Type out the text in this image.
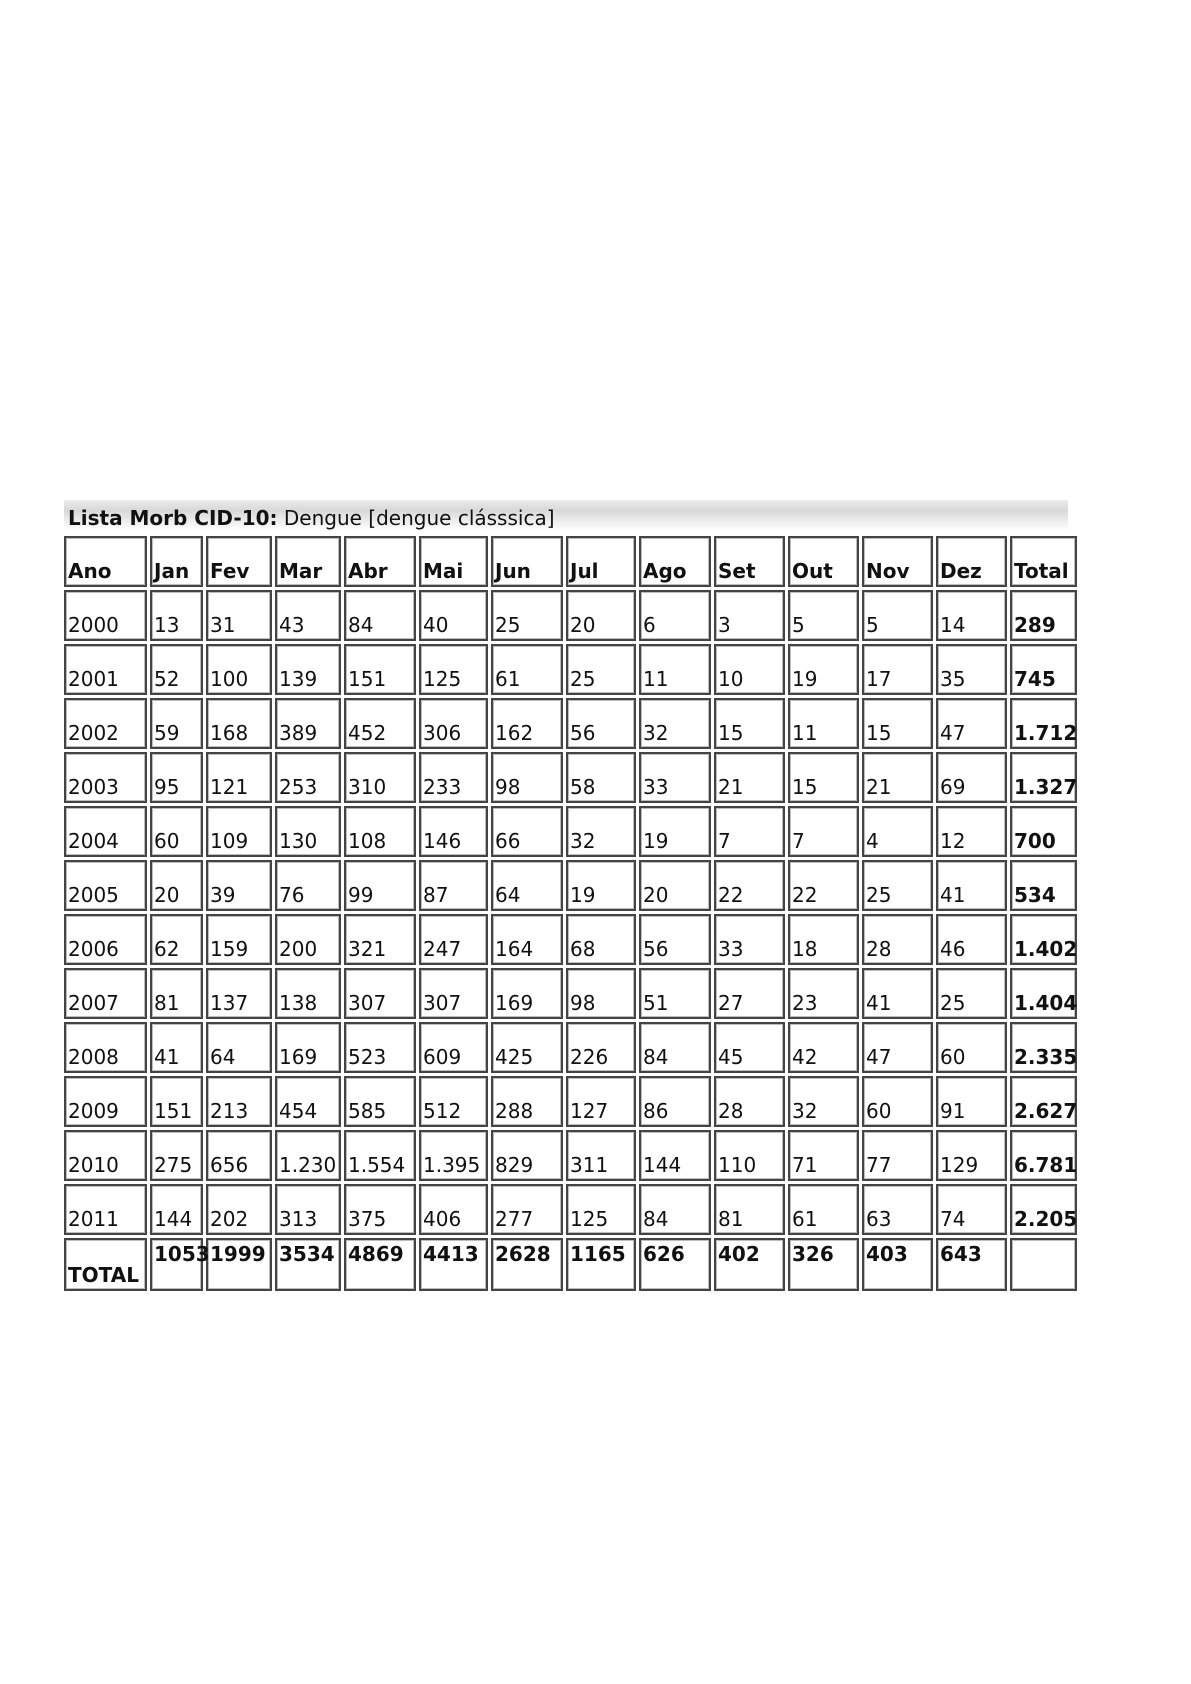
Lista Morb CID-10: Dengue [dengue clásssica]
Ano	Jan	Fev	Mar	Abr	Mai	Jun	Jul	Ago	Set	Out	Nov	Dez	Total
2000	13	31	43	84	40	25	20	6	3	5	5	14	289
2001	52	100	139	151	125	61	25	11	10	19	17	35	745
2002	59	168	389	452	306	162	56	32	15	11	15	47	1.712
2003	95	121	253	310	233	98	58	33	21	15	21	69	1.327
2004	60	109	130	108	146	66	32	19	7	7	4	12	700
2005	20	39	76	99	87	64	19	20	22	22	25	41	534
2006	62	159	200	321	247	164	68	56	33	18	28	46	1.402
2007	81	137	138	307	307	169	98	51	27	23	41	25	1.404
2008	41	64	169	523	609	425	226	84	45	42	47	60	2.335
2009	151	213	454	585	512	288	127	86	28	32	60	91	2.627
2010	275	656	1.230	1.554	1.395	829	311	144	110	71	77	129	6.781
2011	144	202	313	375	406	277	125	84	81	61	63	74	2.205
TOTAL	1053	1999	3534	4869	4413	2628	1165	626	402	326	403	643	
